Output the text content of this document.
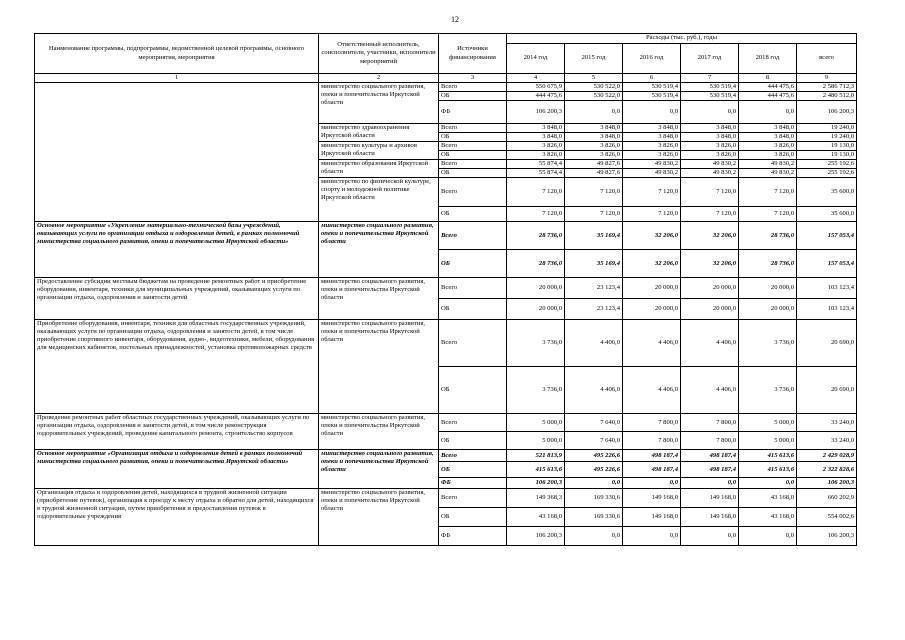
12
Наименование программы, подпрограммы, ведомственной целевой программы, основного мероприятия, мероприятия	Ответственный исполнитель, соисполнители, участники, исполнители мероприятий	Источники финансирования	Расходы (тыс. руб.), годы					
			2014 год	2015 год	2016 год	2017 год	2018 год	всего
1	2	3	4	5	6	7	8	9
	министерство социального развития, опеки и попечительства Иркутской области	Всего	550 675,9	530 522,0	530 519,4	530 519,4	444 475,6	2 586 712,3
		ОБ	444 475,6	530 522,0	530 519,4	530 519,4	444 475,6	2 480 512,0
		ФБ	106 200,3	0,0	0,0	0,0	0,0	106 200,3
	министерство здравоохранения Иркутской области	Всего	3 848,0	3 848,0	3 848,0	3 848,0	3 848,0	19 240,0
		ОБ	3 848,0	3 848,0	3 848,0	3 848,0	3 848,0	19 240,0
	министерство культуры и архивов Иркутской области	Всего	3 826,0	3 826,0	3 826,0	3 826,0	3 826,0	19 130,0
		ОБ	3 826,0	3 826,0	3 826,0	3 826,0	3 826,0	19 130,0
	министерство образования Иркутской области	Всего	55 874,4	49 827,6	49 830,2	49 830,2	49 830,2	255 192,6
		ОБ	55 874,4	49 827,6	49 830,2	49 830,2	49 830,2	255 192,6
	министерство по физической культуре, спорту и молодежной политике Иркутской области	Всего	7 120,0	7 120,0	7 120,0	7 120,0	7 120,0	35 600,0
		ОБ	7 120,0	7 120,0	7 120,0	7 120,0	7 120,0	35 600,0
Основное мероприятие «Укрепление материально-технической базы учреждений, оказывающих услуги по организации отдыха и оздоровления детей, в рамках полномочий министерства социального развития, опеки и попечительства Иркутской области»	министерство социального развития, опеки и попечительства Иркутской области	Всего	28 736,0	35 169,4	32 206,0	32 206,0	28 736,0	157 053,4
		ОБ	28 736,0	35 169,4	32 206,0	32 206,0	28 736,0	157 053,4
Предоставление субсидии местным бюджетам на проведение ремонтных работ и приобретение оборудования, инвентаря, техники для муниципальных учреждений, оказывающих услуги по организации отдыха, оздоровления и занятости детей	министерство социального развития, опеки и попечительства Иркутской области	Всего	20 000,0	23 123,4	20 000,0	20 000,0	20 000,0	103 123,4
		ОБ	20 000,0	23 123,4	20 000,0	20 000,0	20 000,0	103 123,4
Приобретение оборудования, инвентаря, техники для областных государственных учреждений, оказывающих услуги по организации отдыха, оздоровления и занятости детей, в том числе приобретение спортивного инвентаря, оборудования, аудио-, видеотехники, мебели, оборудования для медицинских кабинетов, постельных принадлежностей, установка противопожарных средств	министерство социального развития, опеки и попечительства Иркутской области	Всего	3 736,0	4 406,0	4 406,0	4 406,0	3 736,0	20 690,0
		ОБ	3 736,0	4 406,0	4 406,0	4 406,0	3 736,0	20 690,0
Проведение ремонтных работ областных государственных учреждений, оказывающих услуги по организации отдыха, оздоровления и занятости детей, в том числе реконструкция оздоровительных учреждений, проведение капитального ремонта, строительство корпусов	министерство социального развития, опеки и попечительства Иркутской области	Всего	5 000,0	7 640,0	7 800,0	7 800,0	5 000,0	33 240,0
		ОБ	5 000,0	7 640,0	7 800,0	7 800,0	5 000,0	33 240,0
Основное мероприятие «Организация отдыха и оздоровления детей в рамках полномочий министерства социального развития, опеки и попечительства Иркутской области»	министерство социального развития, опеки и попечительства Иркутской области	Всего	521 813,9	495 226,6	498 187,4	498 187,4	415 613,6	2 429 028,9
		ОБ	415 613,6	495 226,6	498 187,4	498 187,4	415 613,6	2 322 828,6
		ФБ	106 200,3	0,0	0,0	0,0	0,0	106 200,3
Организация отдыха и оздоровления детей, находящихся в трудной жизненной ситуации (приобретение путевок), организация к проезду к месту отдыха и обратно для детей, находящихся в трудной жизненной ситуации, путем приобретения и предоставления путевок в оздоровительные учреждения	министерство социального развития, опеки и попечительства Иркутской области	Всего	149 368,3	169 330,6	149 168,0	149 168,0	43 168,0	660 202,9
		ОБ	43 168,0	169 330,6	149 168,0	149 168,0	43 168,0	554 002,6
		ФБ	106 200,3	0,0	0,0	0,0	0,0	106 200,3
